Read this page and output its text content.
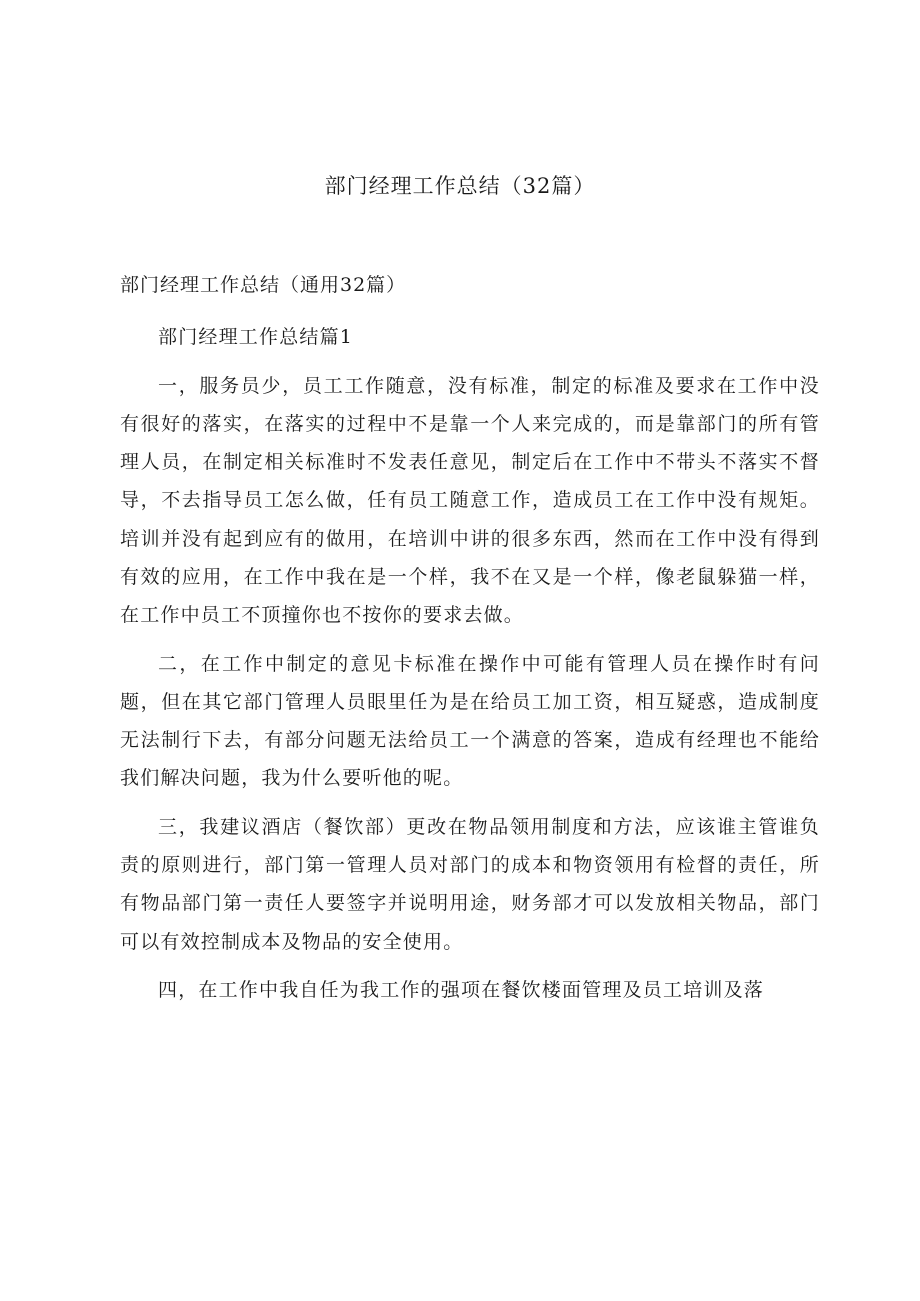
部门经理工作总结（32篇）

部门经理工作总结（通用32篇）

部门经理工作总结篇1

一，服务员少，员工工作随意，没有标准，制定的标准及要求在工作中没有很好的落实，在落实的过程中不是靠一个人来完成的，而是靠部门的所有管理人员，在制定相关标准时不发表任意见，制定后在工作中不带头不落实不督导，不去指导员工怎么做，任有员工随意工作，造成员工在工作中没有规矩。培训并没有起到应有的做用，在培训中讲的很多东西，然而在工作中没有得到有效的应用，在工作中我在是一个样，我不在又是一个样，像老鼠躲猫一样，在工作中员工不顶撞你也不按你的要求去做。

二，在工作中制定的意见卡标准在操作中可能有管理人员在操作时有问题，但在其它部门管理人员眼里任为是在给员工加工资，相互疑惑，造成制度无法制行下去，有部分问题无法给员工一个满意的答案，造成有经理也不能给我们解决问题，我为什么要听他的呢。

三，我建议酒店（餐饮部）更改在物品领用制度和方法，应该谁主管谁负责的原则进行，部门第一管理人员对部门的成本和物资领用有检督的责任，所有物品部门第一责任人要签字并说明用途，财务部才可以发放相关物品，部门可以有效控制成本及物品的安全使用。

四，在工作中我自任为我工作的强项在餐饮楼面管理及员工培训及落
